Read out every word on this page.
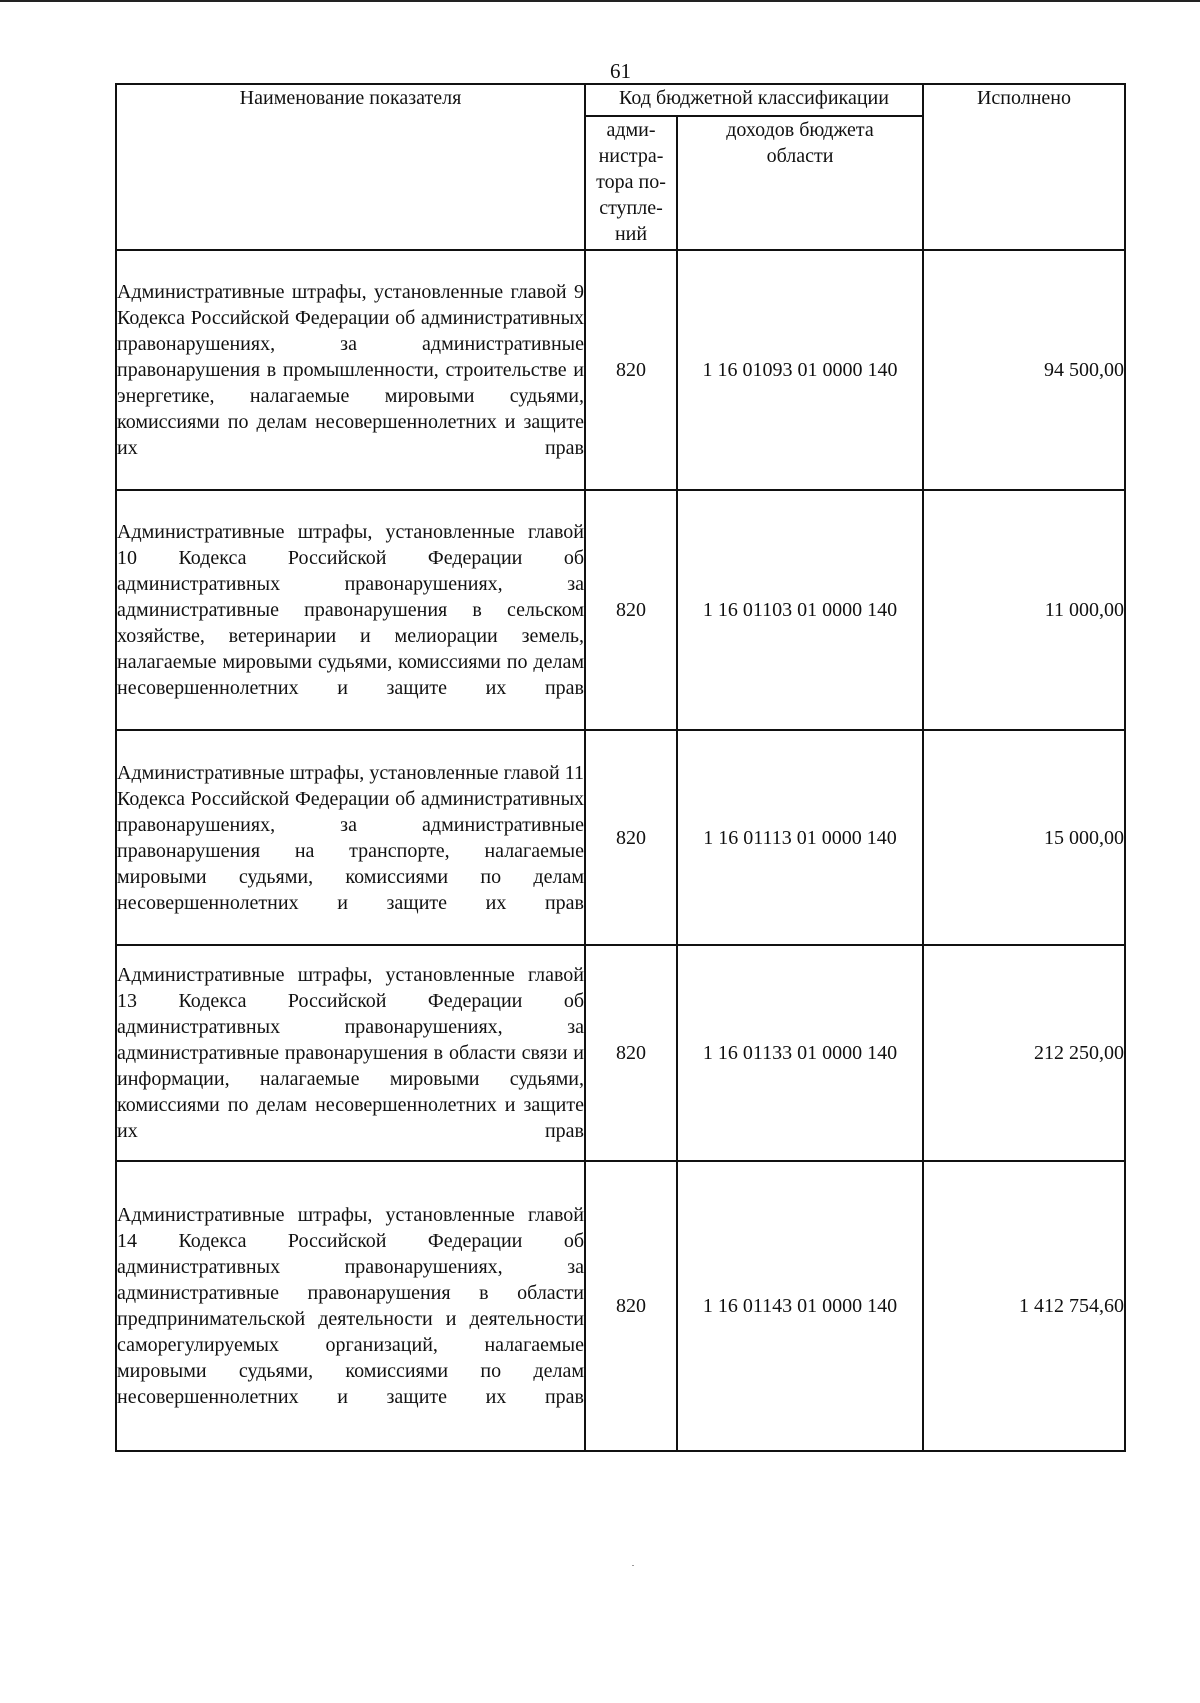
61
Наименование показателя	Код бюджетной классификации		Исполнено
	адми-
нистра-
тора по-
ступле-
ний	доходов бюджета
области	
Административные штрафы, установленные главой 9 Кодекса Российской Федерации об административных правонарушениях, за административные правонарушения в промышленности, строительстве и энергетике, налагаемые мировыми судьями, комиссиями по делам несовершеннолетних и защите их прав	820	1 16 01093 01 0000 140	94 500,00
Административные штрафы, установленные главой 10 Кодекса Российской Федерации об административных правонарушениях, за административные правонарушения в сельском хозяйстве, ветеринарии и мелиорации земель, налагаемые мировыми судьями, комиссиями по делам несовершеннолетних и защите их прав	820	1 16 01103 01 0000 140	11 000,00
Административные штрафы, установленные главой 11 Кодекса Российской Федерации об административных правонарушениях, за административные правонарушения на транспорте, налагаемые мировыми судьями, комиссиями по делам несовершеннолетних и защите их прав	820	1 16 01113 01 0000 140	15 000,00
Административные штрафы, установленные главой 13 Кодекса Российской Федерации об административных правонарушениях, за административные правонарушения в области связи и информации, налагаемые мировыми судьями, комиссиями по делам несовершеннолетних и защите их прав	820	1 16 01133 01 0000 140	212 250,00
Административные штрафы, установленные главой 14 Кодекса Российской Федерации об административных правонарушениях, за административные правонарушения в области предпринимательской деятельности и деятельности саморегулируемых организаций, налагаемые мировыми судьями, комиссиями по делам несовершеннолетних и защите их прав	820	1 16 01143 01 0000 140	1 412 754,60
